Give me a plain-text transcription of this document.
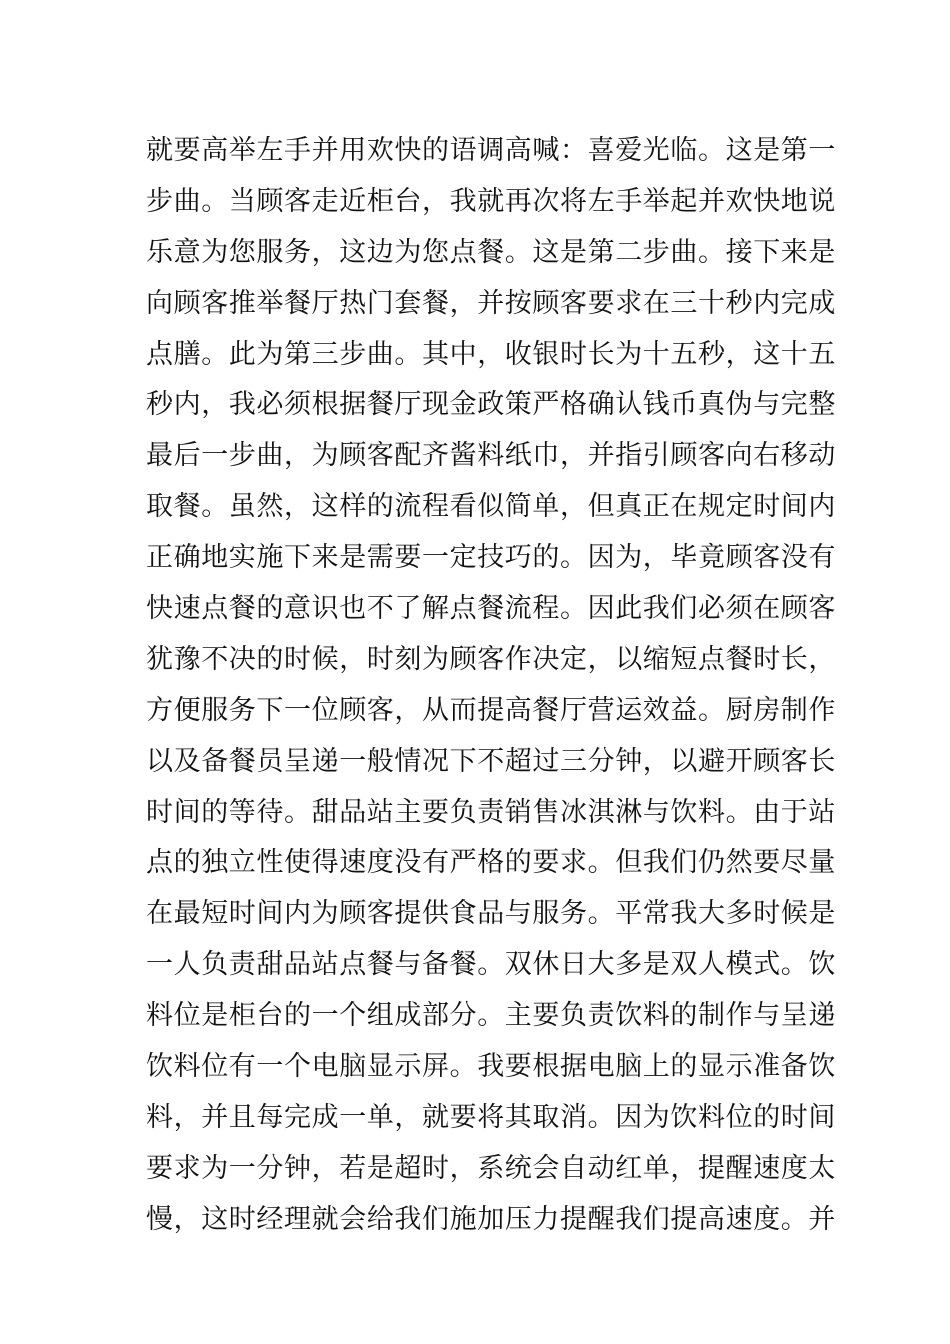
就要高举左手并用欢快的语调高喊：喜爱光临。这是第一
步曲。当顾客走近柜台，我就再次将左手举起并欢快地说
乐意为您服务，这边为您点餐。这是第二步曲。接下来是
向顾客推举餐厅热门套餐，并按顾客要求在三十秒内完成
点膳。此为第三步曲。其中，收银时长为十五秒，这十五
秒内，我必须根据餐厅现金政策严格确认钱币真伪与完整
最后一步曲，为顾客配齐酱料纸巾，并指引顾客向右移动
取餐。虽然，这样的流程看似简单，但真正在规定时间内
正确地实施下来是需要一定技巧的。因为，毕竟顾客没有
快速点餐的意识也不了解点餐流程。因此我们必须在顾客
犹豫不决的时候，时刻为顾客作决定，以缩短点餐时长，
方便服务下一位顾客，从而提高餐厅营运效益。厨房制作
以及备餐员呈递一般情况下不超过三分钟，以避开顾客长
时间的等待。甜品站主要负责销售冰淇淋与饮料。由于站
点的独立性使得速度没有严格的要求。但我们仍然要尽量
在最短时间内为顾客提供食品与服务。平常我大多时候是
一人负责甜品站点餐与备餐。双休日大多是双人模式。饮
料位是柜台的一个组成部分。主要负责饮料的制作与呈递
饮料位有一个电脑显示屏。我要根据电脑上的显示准备饮
料，并且每完成一单，就要将其取消。因为饮料位的时间
要求为一分钟，若是超时，系统会自动红单，提醒速度太
慢，这时经理就会给我们施加压力提醒我们提高速度。并
